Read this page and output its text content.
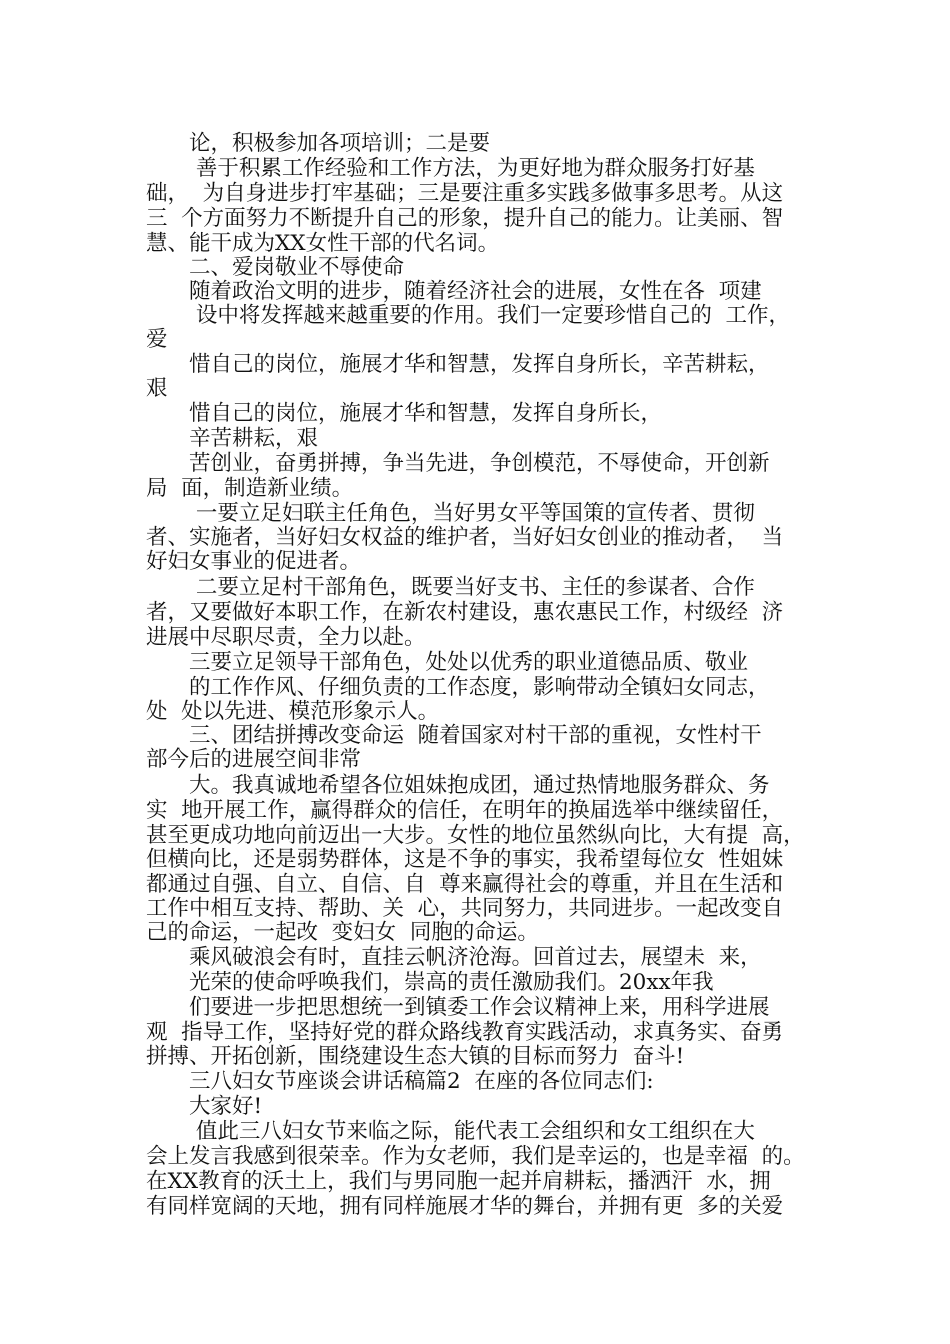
　　论，积极参加各项培训；二是要
　　 善于积累工作经验和工作方法，为更好地为群众服务打好基
础，  为自身进步打牢基础；三是要注重多实践多做事多思考。从这
三  个方面努力不断提升自己的形象，提升自己的能力。让美丽、智
慧、能干成为XX女性干部的代名词。
　　二、爱岗敬业不辱使命
　　随着政治文明的进步，随着经济社会的进展，女性在各  项建
　　 设中将发挥越来越重要的作用。我们一定要珍惜自己的  工作，
爱
　　惜自己的岗位，施展才华和智慧，发挥自身所长，辛苦耕耘，
艰
　　惜自己的岗位，施展才华和智慧，发挥自身所长，
　　辛苦耕耘，艰
　　苦创业，奋勇拼搏，争当先进，争创模范，不辱使命，开创新
局  面，制造新业绩。
　　 一要立足妇联主任角色，当好男女平等国策的宣传者、贯彻
者、实施者，当好妇女权益的维护者，当好妇女创业的推动者，  当
好妇女事业的促进者。
　　 二要立足村干部角色，既要当好支书、主任的参谋者、合作
者，又要做好本职工作，在新农村建设，惠农惠民工作，村级经  济
进展中尽职尽责，全力以赴。
　　三要立足领导干部角色，处处以优秀的职业道德品质、敬业
　　的工作作风、仔细负责的工作态度，影响带动全镇妇女同志，
处  处以先进、模范形象示人。
　　三、团结拼搏改变命运  随着国家对村干部的重视，女性村干
部今后的进展空间非常
　　大。我真诚地希望各位姐妹抱成团，通过热情地服务群众、务
实  地开展工作，赢得群众的信任，在明年的换届选举中继续留任，
甚至更成功地向前迈出一大步。女性的地位虽然纵向比，大有提  高，
但横向比，还是弱势群体，这是不争的事实，我希望每位女  性姐妹
都通过自强、自立、自信、自  尊来赢得社会的尊重，并且在生活和
工作中相互支持、帮助、关  心，共同努力，共同进步。一起改变自
己的命运，一起改  变妇女  同胞的命运。
　　乘风破浪会有时，直挂云帆济沧海。回首过去，展望未  来，
　　光荣的使命呼唤我们，崇高的责任激励我们。20xx年我
　　们要进一步把思想统一到镇委工作会议精神上来，用科学进展
观  指导工作，坚持好党的群众路线教育实践活动，求真务实、奋勇
拼搏、开拓创新，围绕建设生态大镇的目标而努力  奋斗!
　　三八妇女节座谈会讲话稿篇2  在座的各位同志们:
　　大家好!
　　 值此三八妇女节来临之际，能代表工会组织和女工组织在大
会上发言我感到很荣幸。作为女老师，我们是幸运的，也是幸福  的。
在XX教育的沃土上，我们与男同胞一起并肩耕耘，播洒汗  水，拥
有同样宽阔的天地，拥有同样施展才华的舞台，并拥有更  多的关爱
